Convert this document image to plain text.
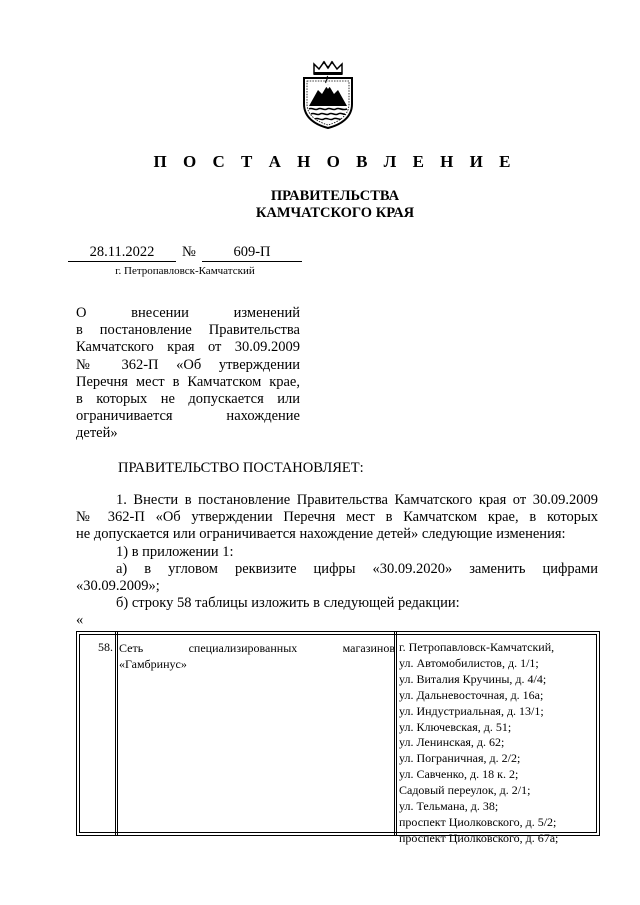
П О С Т А Н О В Л Е Н И Е
ПРАВИТЕЛЬСТВА
КАМЧАТСКОГО КРАЯ
28.11.2022	№	609-П
г. Петропавловск-Камчатский
О внесении изменений
в постановление Правительства
Камчатского края от 30.09.2009
№ 362-П «Об утверждении
Перечня мест в Камчатском крае,
в которых не допускается или
ограничивается нахождение
детей»
ПРАВИТЕЛЬСТВО ПОСТАНОВЛЯЕТ:
1. Внести в постановление Правительства Камчатского края от 30.09.2009
№ 362-П «Об утверждении Перечня мест в Камчатском крае, в которых
не допускается или ограничивается нахождение детей» следующие изменения:
1) в приложении 1:
а) в угловом реквизите цифры «30.09.2020» заменить цифрами
«30.09.2009»;
б) строку 58 таблицы изложить в следующей редакции:
«
58. Сеть специализированных магазинов
«Гамбринус»
г. Петропавловск-Камчатский,
ул. Автомобилистов, д. 1/1;
ул. Виталия Кручины, д. 4/4;
ул. Дальневосточная, д. 16а;
ул. Индустриальная, д. 13/1;
ул. Ключевская, д. 51;
ул. Ленинская, д. 62;
ул. Пограничная, д. 2/2;
ул. Савченко, д. 18 к. 2;
Садовый переулок, д. 2/1;
ул. Тельмана, д. 38;
проспект Циолковского, д. 5/2;
проспект Циолковского, д. 67а;
